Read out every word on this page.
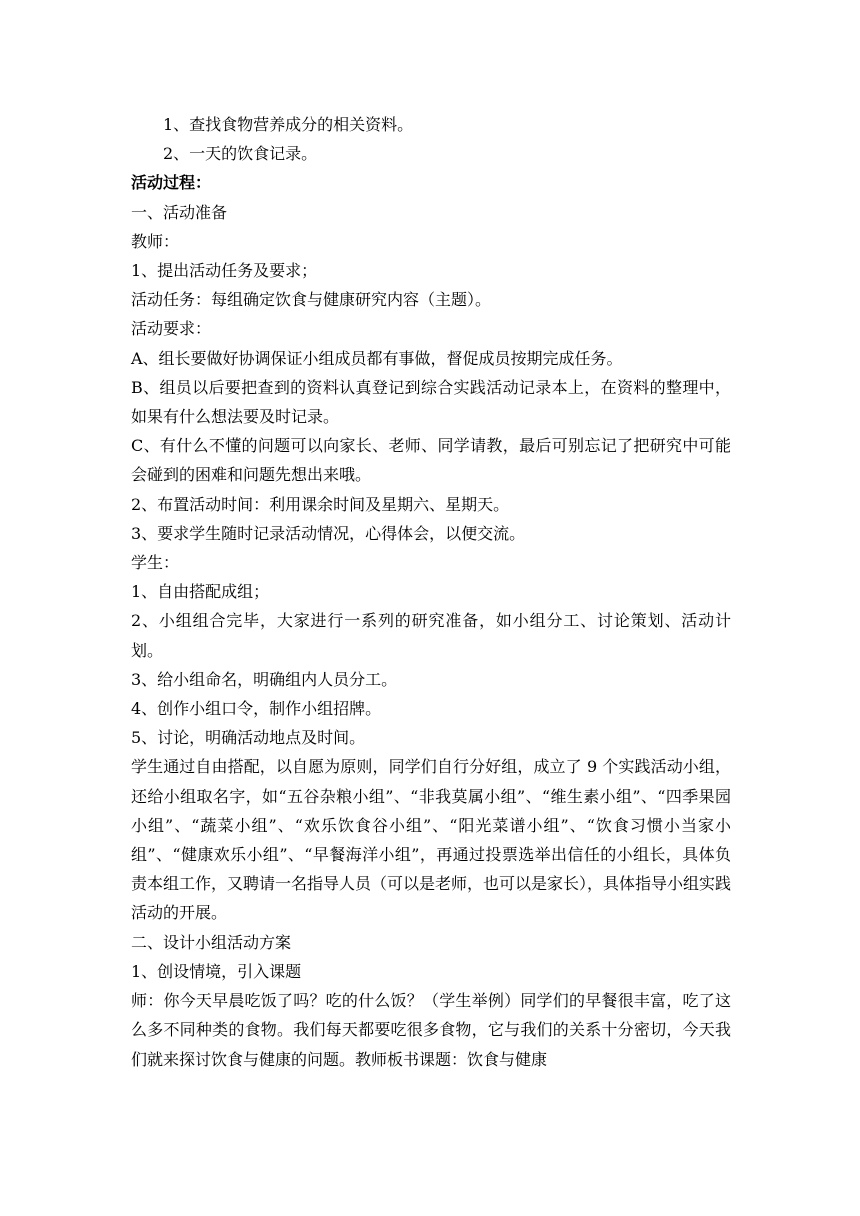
1、查找食物营养成分的相关资料。

2、一天的饮食记录。

活动过程：

一、活动准备

教师：

1、提出活动任务及要求；

活动任务：每组确定饮食与健康研究内容（主题）。

活动要求：

A、组长要做好协调保证小组成员都有事做，督促成员按期完成任务。

B、组员以后要把查到的资料认真登记到综合实践活动记录本上，在资料的整理中，如果有什么想法要及时记录。

C、有什么不懂的问题可以向家长、老师、同学请教，最后可别忘记了把研究中可能会碰到的困难和问题先想出来哦。

2、布置活动时间：利用课余时间及星期六、星期天。

3、要求学生随时记录活动情况，心得体会，以便交流。

学生：

1、自由搭配成组；

2、小组组合完毕，大家进行一系列的研究准备，如小组分工、讨论策划、活动计划。

3、给小组命名，明确组内人员分工。

4、创作小组口令，制作小组招牌。

5、讨论，明确活动地点及时间。

学生通过自由搭配，以自愿为原则，同学们自行分好组，成立了 9 个实践活动小组，还给小组取名字，如“五谷杂粮小组”、“非我莫属小组”、“维生素小组”、“四季果园小组”、“蔬菜小组”、“欢乐饮食谷小组”、“阳光菜谱小组”、“饮食习惯小当家小组”、“健康欢乐小组”、“早餐海洋小组”，再通过投票选举出信任的小组长，具体负责本组工作，又聘请一名指导人员（可以是老师，也可以是家长），具体指导小组实践活动的开展。

二、设计小组活动方案

1、创设情境，引入课题

师：你今天早晨吃饭了吗？吃的什么饭？（学生举例）同学们的早餐很丰富，吃了这么多不同种类的食物。我们每天都要吃很多食物，它与我们的关系十分密切，今天我们就来探讨饮食与健康的问题。教师板书课题：饮食与健康
